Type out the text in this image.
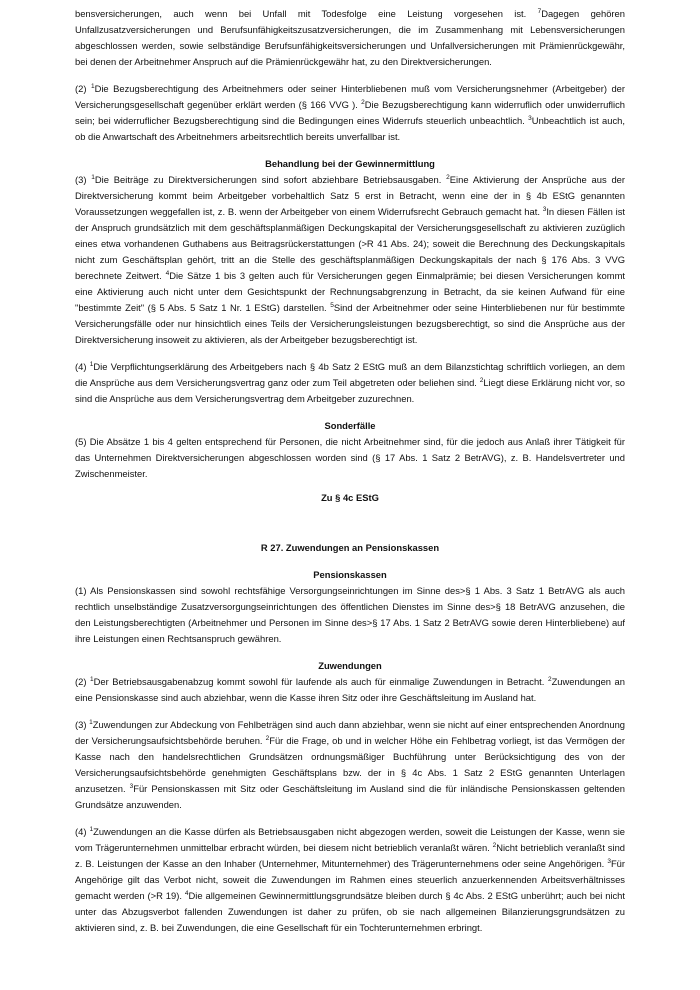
bensversicherungen, auch wenn bei Unfall mit Todesfolge eine Leistung vorgesehen ist. $^7$Dagegen gehören Unfallzusatzversicherungen und Berufsunfähigkeitszusatzversicherungen, die im Zusammenhang mit Lebensversicherungen abgeschlossen werden, sowie selbständige Berufsunfähigkeitsversicherungen und Unfallversicherungen mit Prämienrückgewähr, bei denen der Arbeitnehmer Anspruch auf die Prämienrückgewähr hat, zu den Direktversicherungen.

(2) $^1$Die Bezugsberechtigung des Arbeitnehmers oder seiner Hinterbliebenen muß vom Versicherungsnehmer (Arbeitgeber) der Versicherungsgesellschaft gegenüber erklärt werden (§ 166 VVG ). $^2$Die Bezugsberechtigung kann widerruflich oder unwiderruflich sein; bei widerruflicher Bezugsberechtigung sind die Bedingungen eines Widerrufs steuerlich unbeachtlich. $^3$Unbeachtlich ist auch, ob die Anwartschaft des Arbeitnehmers arbeitsrechtlich bereits unverfallbar ist.

Behandlung bei der Gewinnermittlung

(3) $^1$Die Beiträge zu Direktversicherungen sind sofort abziehbare Betriebsausgaben. $^2$Eine Aktivierung der Ansprüche aus der Direktversicherung kommt beim Arbeitgeber vorbehaltlich Satz 5 erst in Betracht, wenn eine der in § 4b EStG genannten Voraussetzungen weggefallen ist, z. B. wenn der Arbeitgeber von einem Widerrufsrecht Gebrauch gemacht hat. $^3$In diesen Fällen ist der Anspruch grundsätzlich mit dem geschäftsplanmäßigen Deckungskapital der Versicherungsgesellschaft zu aktivieren zuzüglich eines etwa vorhandenen Guthabens aus Beitragsrückerstattungen (>R 41 Abs. 24); soweit die Berechnung des Deckungskapitals nicht zum Geschäftsplan gehört, tritt an die Stelle des geschäftsplanmäßigen Deckungskapitals der nach § 176 Abs. 3 VVG berechnete Zeitwert. $^4$Die Sätze 1 bis 3 gelten auch für Versicherungen gegen Einmalprämie; bei diesen Versicherungen kommt eine Aktivierung auch nicht unter dem Gesichtspunkt der Rechnungsabgrenzung in Betracht, da sie keinen Aufwand für eine "bestimmte Zeit" (§ 5 Abs. 5 Satz 1 Nr. 1 EStG) darstellen. $^5$Sind der Arbeitnehmer oder seine Hinterbliebenen nur für bestimmte Versicherungsfälle oder nur hinsichtlich eines Teils der Versicherungsleistungen bezugsberechtigt, so sind die Ansprüche aus der Direktversicherung insoweit zu aktivieren, als der Arbeitgeber bezugsberechtigt ist.

(4) $^1$Die Verpflichtungserklärung des Arbeitgebers nach § 4b Satz 2 EStG muß an dem Bilanzstichtag schriftlich vorliegen, an dem die Ansprüche aus dem Versicherungsvertrag ganz oder zum Teil abgetreten oder beliehen sind. $^2$Liegt diese Erklärung nicht vor, so sind die Ansprüche aus dem Versicherungsvertrag dem Arbeitgeber zuzurechnen.

Sonderfälle

(5) Die Absätze 1 bis 4 gelten entsprechend für Personen, die nicht Arbeitnehmer sind, für die jedoch aus Anlaß ihrer Tätigkeit für das Unternehmen Direktversicherungen abgeschlossen worden sind (§ 17 Abs. 1 Satz 2 BetrAVG), z. B. Handelsvertreter und Zwischenmeister.

Zu § 4c EStG

R 27. Zuwendungen an Pensionskassen

Pensionskassen

(1) Als Pensionskassen sind sowohl rechtsfähige Versorgungseinrichtungen im Sinne des>§ 1 Abs. 3 Satz 1 BetrAVG als auch rechtlich unselbständige Zusatzversorgungseinrichtungen des öffentlichen Dienstes im Sinne des>§ 18 BetrAVG anzusehen, die den Leistungsberechtigten (Arbeitnehmer und Personen im Sinne des>§ 17 Abs. 1 Satz 2 BetrAVG sowie deren Hinterbliebene) auf ihre Leistungen einen Rechtsanspruch gewähren.

Zuwendungen

(2) $^1$Der Betriebsausgabenabzug kommt sowohl für laufende als auch für einmalige Zuwendungen in Betracht. $^2$Zuwendungen an eine Pensionskasse sind auch abziehbar, wenn die Kasse ihren Sitz oder ihre Geschäftsleitung im Ausland hat.

(3) $^1$Zuwendungen zur Abdeckung von Fehlbeträgen sind auch dann abziehbar, wenn sie nicht auf einer entsprechenden Anordnung der Versicherungsaufsichtsbehörde beruhen. $^2$Für die Frage, ob und in welcher Höhe ein Fehlbetrag vorliegt, ist das Vermögen der Kasse nach den handelsrechtlichen Grundsätzen ordnungsmäßiger Buchführung unter Berücksichtigung des von der Versicherungsaufsichtsbehörde genehmigten Geschäftsplans bzw. der in § 4c Abs. 1 Satz 2 EStG genannten Unterlagen anzusetzen. $^3$Für Pensionskassen mit Sitz oder Geschäftsleitung im Ausland sind die für inländische Pensionskassen geltenden Grundsätze anzuwenden.

(4) $^1$Zuwendungen an die Kasse dürfen als Betriebsausgaben nicht abgezogen werden, soweit die Leistungen der Kasse, wenn sie vom Trägerunternehmen unmittelbar erbracht würden, bei diesem nicht betrieblich veranlaßt wären. $^2$Nicht betrieblich veranlaßt sind z. B. Leistungen der Kasse an den Inhaber (Unternehmer, Mitunternehmer) des Trägerunternehmens oder seine Angehörigen. $^3$Für Angehörige gilt das Verbot nicht, soweit die Zuwendungen im Rahmen eines steuerlich anzuerkennenden Arbeitsverhältnisses gemacht werden (>R 19). $^4$Die allgemeinen Gewinnermittlungsgrundsätze bleiben durch § 4c Abs. 2 EStG unberührt; auch bei nicht unter das Abzugsverbot fallenden Zuwendungen ist daher zu prüfen, ob sie nach allgemeinen Bilanzierungsgrundsätzen zu aktivieren sind, z. B. bei Zuwendungen, die eine Gesellschaft für ein Tochterunternehmen erbringt.
